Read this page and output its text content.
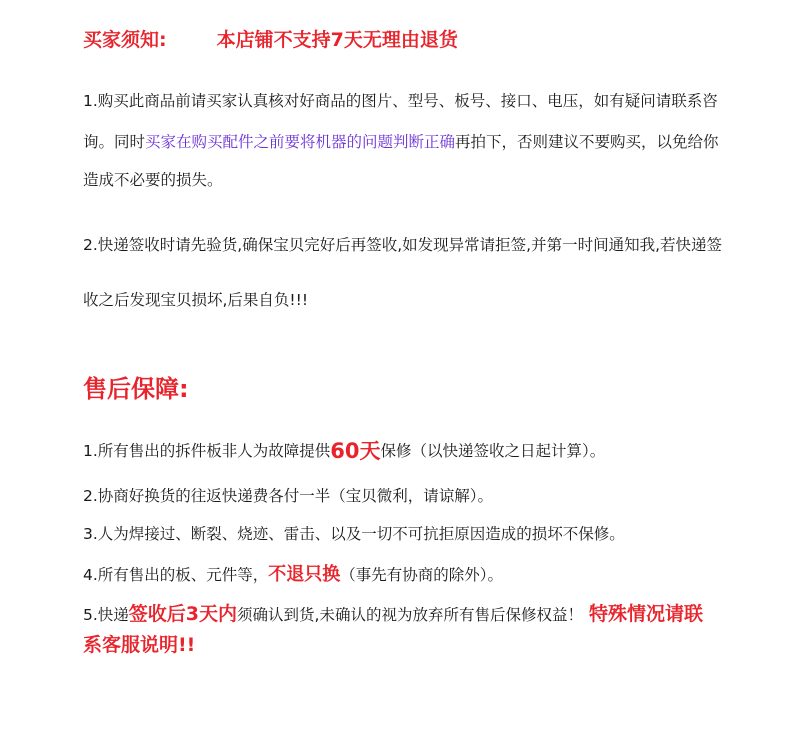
买家须知:	本店铺不支持7天无理由退货
1.购买此商品前请买家认真核对好商品的图片、型号、板号、接口、电压，如有疑问请联系咨
询。同时买家在购买配件之前要将机器的问题判断正确再拍下，否则建议不要购买，以免给你
造成不必要的损失。
2.快递签收时请先验货,确保宝贝完好后再签收,如发现异常请拒签,并第一时间通知我,若快递签
收之后发现宝贝损坏,后果自负!!!
售后保障:
1.所有售出的拆件板非人为故障提供60天保修（以快递签收之日起计算）。
2.协商好换货的往返快递费各付一半（宝贝微利，请谅解）。
3.人为焊接过、断裂、烧迹、雷击、以及一切不可抗拒原因造成的损坏不保修。
4.所有售出的板、元件等，不退只换（事先有协商的除外）。
5.快递签收后3天内须确认到货,未确认的视为放弃所有售后保修权益！ 特殊情况请联
系客服说明!!
